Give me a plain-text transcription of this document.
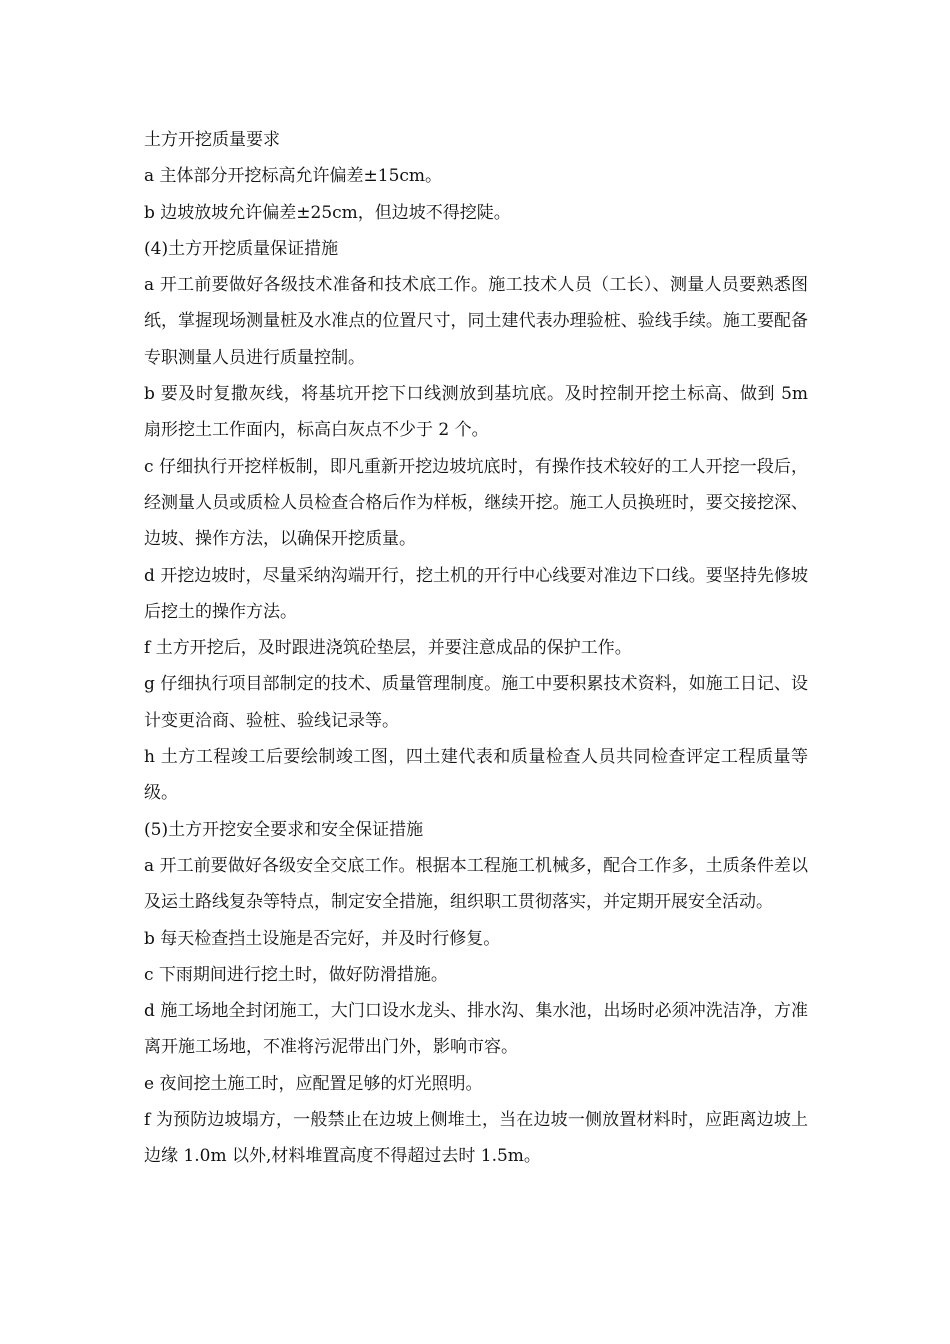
土方开挖质量要求

a 主体部分开挖标高允许偏差±15cm。

b 边坡放坡允许偏差±25cm，但边坡不得挖陡。

(4)土方开挖质量保证措施

a 开工前要做好各级技术准备和技术底工作。施工技术人员（工长）、测量人员要熟悉图纸，掌握现场测量桩及水准点的位置尺寸，同土建代表办理验桩、验线手续。施工要配备专职测量人员进行质量控制。

b 要及时复撒灰线，将基坑开挖下口线测放到基坑底。及时控制开挖土标高、做到 5m 扇形挖土工作面内，标高白灰点不少于 2 个。

c 仔细执行开挖样板制，即凡重新开挖边坡坑底时，有操作技术较好的工人开挖一段后，经测量人员或质检人员检查合格后作为样板，继续开挖。施工人员换班时，要交接挖深、边坡、操作方法，以确保开挖质量。

d 开挖边坡时，尽量采纳沟端开行，挖土机的开行中心线要对准边下口线。要坚持先修坡后挖土的操作方法。

f 土方开挖后，及时跟进浇筑砼垫层，并要注意成品的保护工作。

g 仔细执行项目部制定的技术、质量管理制度。施工中要积累技术资料，如施工日记、设计变更洽商、验桩、验线记录等。

h 土方工程竣工后要绘制竣工图，四土建代表和质量检查人员共同检查评定工程质量等级。

(5)土方开挖安全要求和安全保证措施

a 开工前要做好各级安全交底工作。根据本工程施工机械多，配合工作多，土质条件差以及运土路线复杂等特点，制定安全措施，组织职工贯彻落实，并定期开展安全活动。

b 每天检查挡土设施是否完好，并及时行修复。

c 下雨期间进行挖土时，做好防滑措施。

d 施工场地全封闭施工，大门口设水龙头、排水沟、集水池，出场时必须冲洗洁净，方准离开施工场地，不准将污泥带出门外，影响市容。

e 夜间挖土施工时，应配置足够的灯光照明。

f 为预防边坡塌方，一般禁止在边坡上侧堆土，当在边坡一侧放置材料时，应距离边坡上边缘 1.0m 以外,材料堆置高度不得超过去时 1.5m。
